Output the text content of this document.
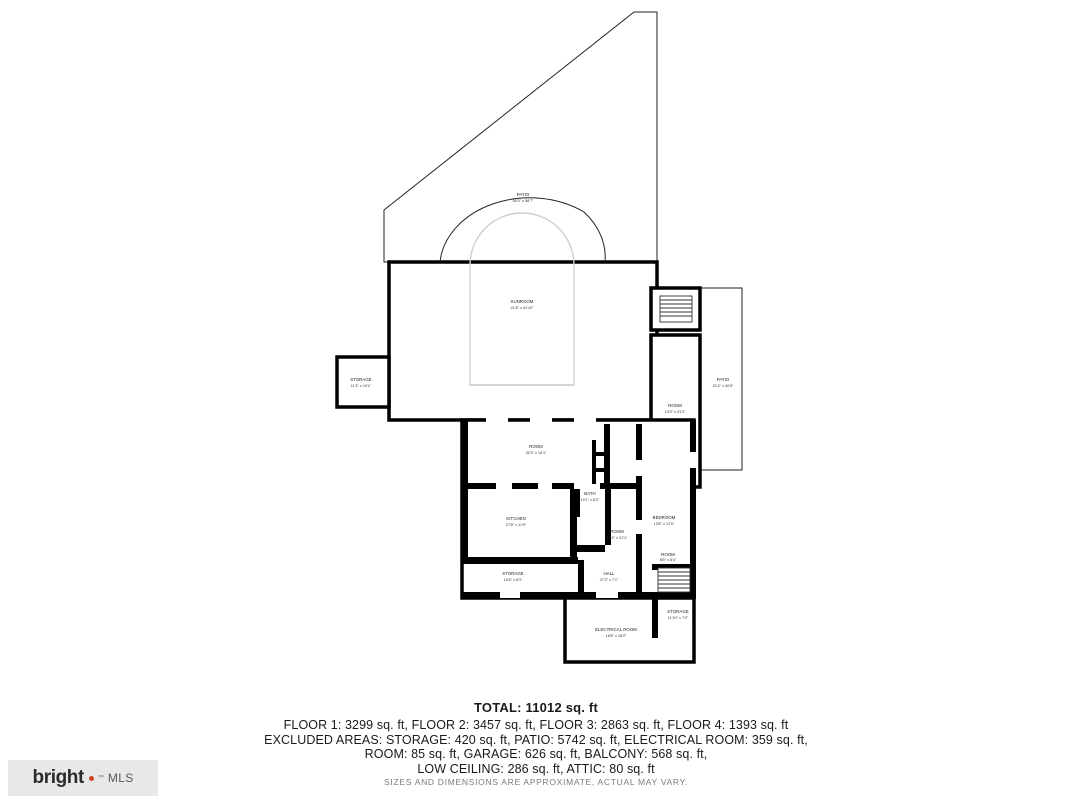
PATIO
80'3" x 58'7"
SUNROOM
21'8" x 41'10"
STORAGE
11'3" x 10'1"
PATIO
21'4" x 40'6"
ROOM
13'3" x 31'2"
ROOM
32'3" x 14'1"
BATH
10'1" x 8'2"
BEDROOM
13'8" x 17'6"
KITCHEN
27'8" x 11'9"
ROOM
13'4" x 21'1"
ROOM
8'6" x 6'4"
STORAGE
19'6" x 8'3"
HALL
27'2" x 7'1"
STORAGE
11'10" x 7'2"
ELECTRICAL ROOM
18'8" x 18'2"
TOTAL: 11012 sq. ft
FLOOR 1: 3299 sq. ft, FLOOR 2: 3457 sq. ft, FLOOR 3: 2863 sq. ft, FLOOR 4: 1393 sq. ft
EXCLUDED AREAS: STORAGE: 420 sq. ft, PATIO: 5742 sq. ft, ELECTRICAL ROOM: 359 sq. ft,
ROOM: 85 sq. ft, GARAGE: 626 sq. ft, BALCONY: 568 sq. ft,
LOW CEILING: 286 sq. ft, ATTIC: 80 sq. ft
SIZES AND DIMENSIONS ARE APPROXIMATE, ACTUAL MAY VARY.
bright ™ MLS
